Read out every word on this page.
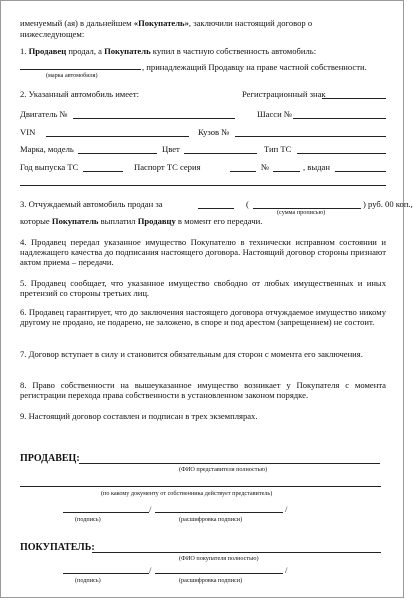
именуемый (ая) в дальнейшем «Покупатель», заключили настоящий договор о
нижеследующем:
1. Продавец продал, а Покупатель купил в частную собственность автомобиль:
, принадлежащий Продавцу на праве частной собственности.
(марка автомобиля)
2. Указанный автомобиль имеет:	Регистрационный знак
Двигатель №	Шасси №
VIN	Кузов №
Марка, модель	Цвет	Тип ТС
Год выпуска ТС	Паспорт ТС серия	№	, выдан
3. Отчуждаемый автомобиль продан за	(	) руб. 00 коп.,
(сумма прописью)
которые Покупатель выплатил Продавцу в момент его передачи.
4. Продавец передал указанное имущество Покупателю в технически исправном состоянии и надлежащего качества до подписания настоящего договора. Настоящий договор стороны признают актом приема – передачи.
5. Продавец сообщает, что указанное имущество свободно от любых имущественных и иных претензий со стороны третьих лиц.
6. Продавец гарантирует, что до заключения настоящего договора отчуждаемое имущество никому другому не продано, не подарено, не заложено, в споре и под арестом (запрещением) не состоит.
7. Договор вступает в силу и становится обязательным для сторон с момента его заключения.
8. Право собственности на вышеуказанное имущество возникает у Покупателя с момента регистрации перехода права собственности в установленном законом порядке.
9. Настоящий договор составлен и подписан в трех экземплярах.
ПРОДАВЕЦ:
(ФИО представителя полностью)
(по какому документу от собственника действует представитель)
/	/
(подпись)	(расшифровка подписи)
ПОКУПАТЕЛЬ:
(ФИО покупателя полностью)
/	/
(подпись)	(расшифровка подписи)
